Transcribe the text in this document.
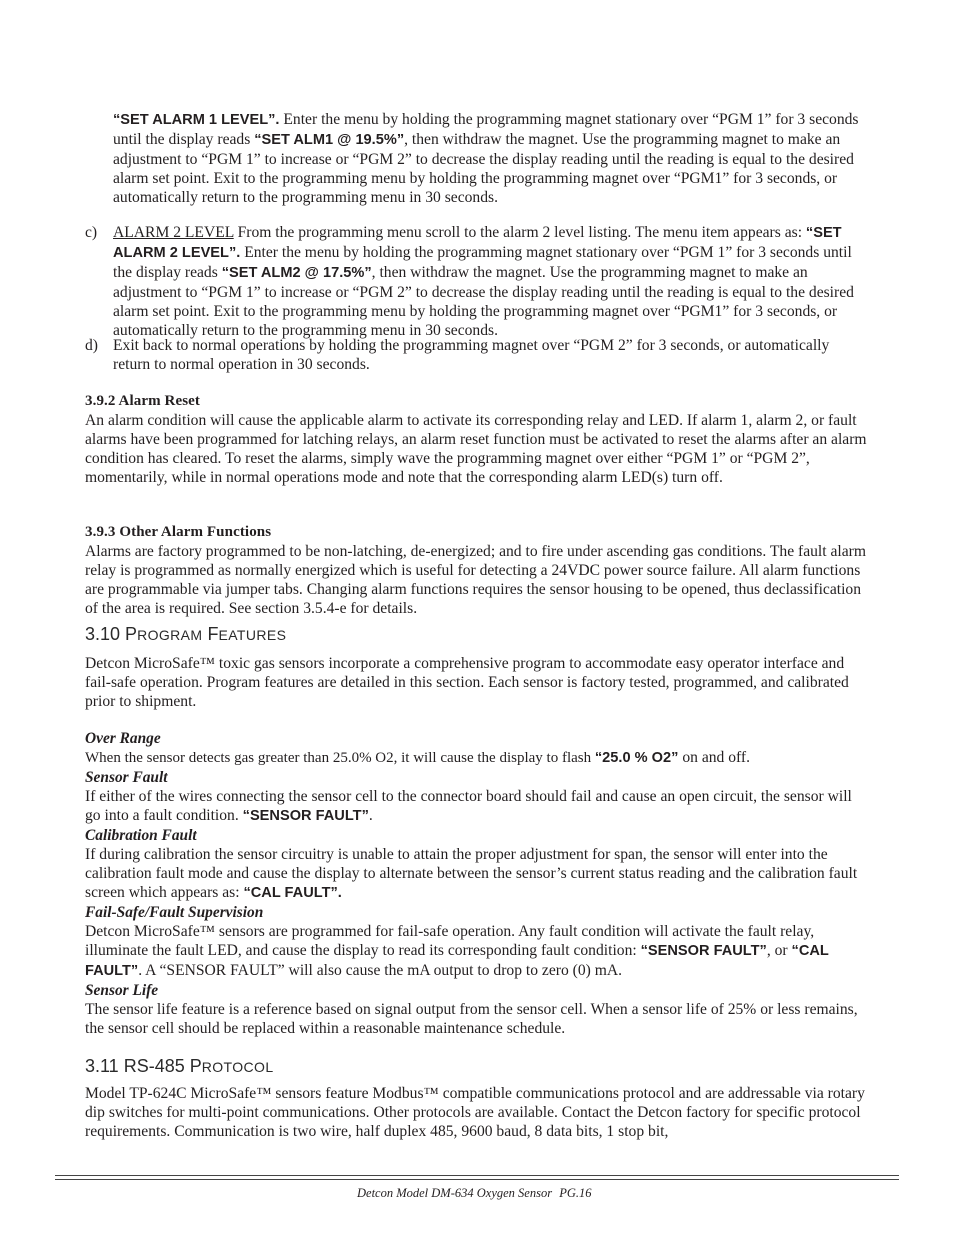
“SET ALARM 1 LEVEL”. Enter the menu by holding the programming magnet stationary over “PGM 1” for 3 seconds until the display reads “SET ALM1 @ 19.5%”, then withdraw the magnet. Use the programming magnet to make an adjustment to “PGM 1” to increase or “PGM 2” to decrease the display reading until the reading is equal to the desired alarm set point. Exit to the programming menu by holding the programming magnet over “PGM1” for 3 seconds, or automatically return to the programming menu in 30 seconds.

c) ALARM 2 LEVEL From the programming menu scroll to the alarm 2 level listing. The menu item appears as: “SET ALARM 2 LEVEL”. Enter the menu by holding the programming magnet stationary over “PGM 1” for 3 seconds until the display reads “SET ALM2 @ 17.5%”, then withdraw the magnet. Use the programming magnet to make an adjustment to “PGM 1” to increase or “PGM 2” to decrease the display reading until the reading is equal to the desired alarm set point. Exit to the programming menu by holding the programming magnet over “PGM1” for 3 seconds, or automatically return to the programming menu in 30 seconds.

d) Exit back to normal operations by holding the programming magnet over “PGM 2” for 3 seconds, or automatically return to normal operation in 30 seconds.

3.9.2 Alarm Reset

An alarm condition will cause the applicable alarm to activate its corresponding relay and LED. If alarm 1, alarm 2, or fault alarms have been programmed for latching relays, an alarm reset function must be activated to reset the alarms after an alarm condition has cleared. To reset the alarms, simply wave the programming magnet over either “PGM 1” or “PGM 2”, momentarily, while in normal operations mode and note that the corresponding alarm LED(s) turn off.

3.9.3 Other Alarm Functions

Alarms are factory programmed to be non-latching, de-energized; and to fire under ascending gas conditions. The fault alarm relay is programmed as normally energized which is useful for detecting a 24VDC power source failure. All alarm functions are programmable via jumper tabs. Changing alarm functions requires the sensor housing to be opened, thus declassification of the area is required. See section 3.5.4-e for details.

3.10 PROGRAM FEATURES

Detcon MicroSafe™ toxic gas sensors incorporate a comprehensive program to accommodate easy operator interface and fail-safe operation. Program features are detailed in this section. Each sensor is factory tested, programmed, and calibrated prior to shipment.

Over Range

When the sensor detects gas greater than 25.0% O2, it will cause the display to flash “25.0 % O2” on and off.

Sensor Fault

If either of the wires connecting the sensor cell to the connector board should fail and cause an open circuit, the sensor will go into a fault condition. “SENSOR FAULT”.

Calibration Fault

If during calibration the sensor circuitry is unable to attain the proper adjustment for span, the sensor will enter into the calibration fault mode and cause the display to alternate between the sensor’s current status reading and the calibration fault screen which appears as: “CAL FAULT”.

Fail-Safe/Fault Supervision

Detcon MicroSafe™ sensors are programmed for fail-safe operation. Any fault condition will activate the fault relay, illuminate the fault LED, and cause the display to read its corresponding fault condition: “SENSOR FAULT”, or “CAL FAULT”. A “SENSOR FAULT” will also cause the mA output to drop to zero (0) mA.

Sensor Life

The sensor life feature is a reference based on signal output from the sensor cell. When a sensor life of 25% or less remains, the sensor cell should be replaced within a reasonable maintenance schedule.

3.11 RS-485 PROTOCOL

Model TP-624C MicroSafe™ sensors feature Modbus™ compatible communications protocol and are addressable via rotary dip switches for multi-point communications. Other protocols are available. Contact the Detcon factory for specific protocol requirements. Communication is two wire, half duplex 485, 9600 baud, 8 data bits, 1 stop bit,

Detcon Model DM-634 Oxygen Sensor PG.16
